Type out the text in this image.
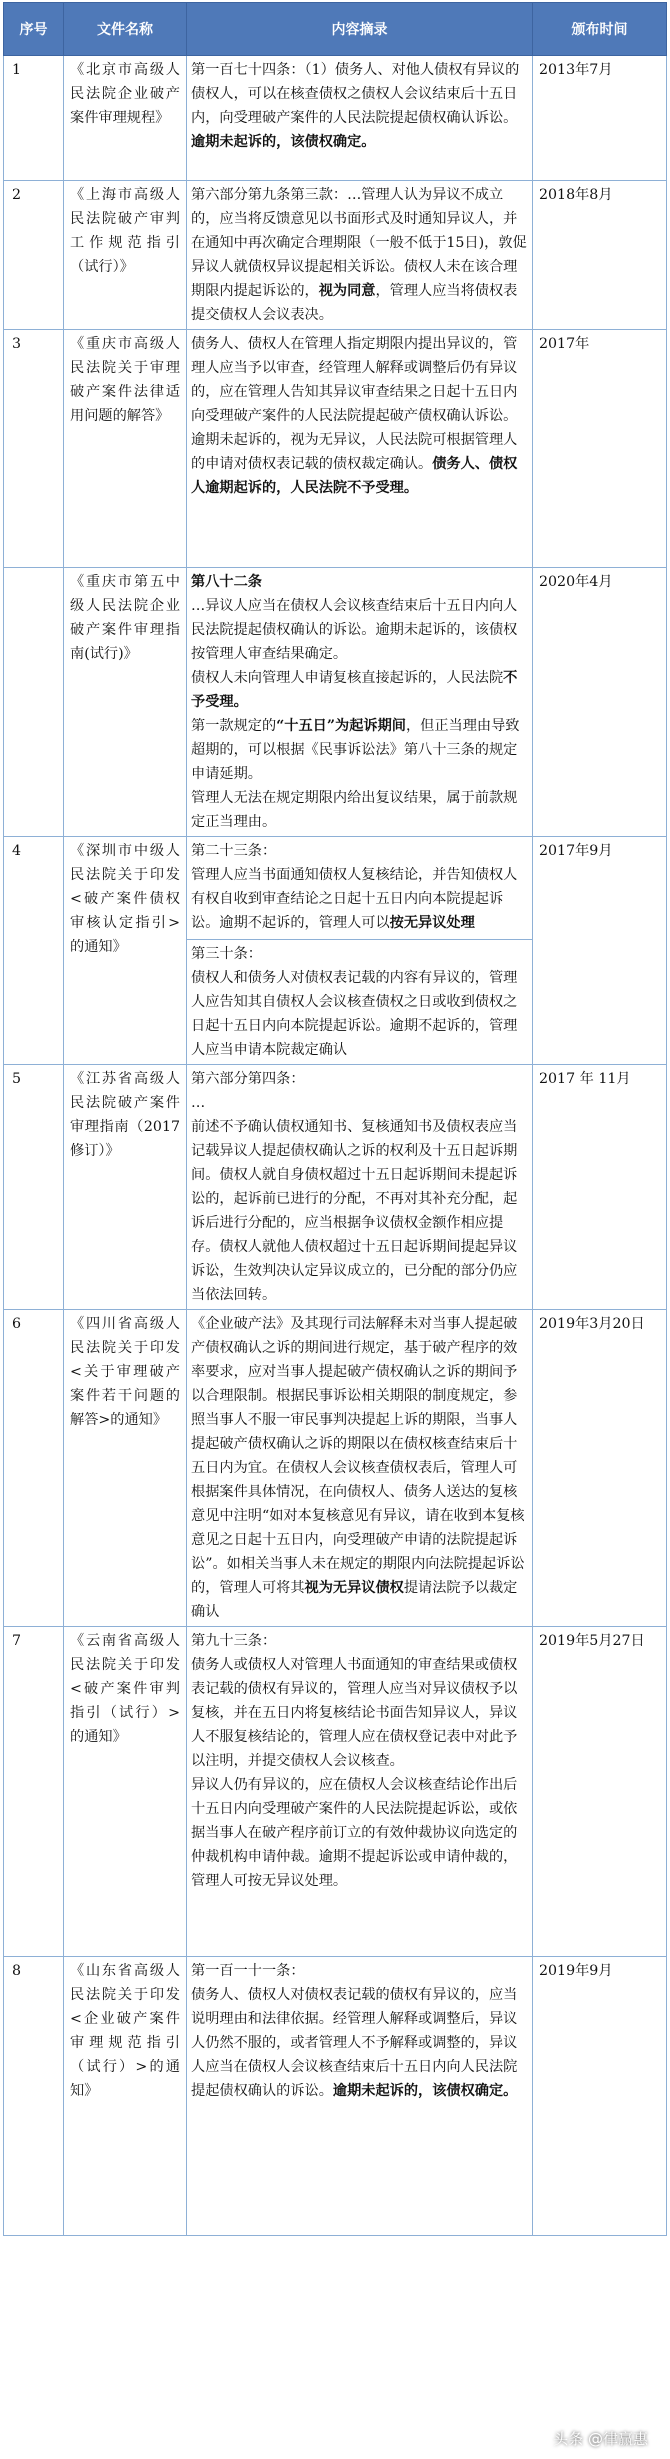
序号	文件名称	内容摘录	颁布时间
1	《北京市高级人民法院企业破产案件审理规程》	第一百七十四条：（1）债务人、对他人债权有异议的债权人，可以在核查债权之债权人会议结束后十五日内，向受理破产案件的人民法院提起债权确认诉讼。逾期未起诉的，该债权确定。	2013年7月
2	《上海市高级人民法院破产审判工作规范指引（试行）》	第六部分第九条第三款：…管理人认为异议不成立的，应当将反馈意见以书面形式及时通知异议人，并在通知中再次确定合理期限（一般不低于15日)，敦促异议人就债权异议提起相关诉讼。债权人未在该合理期限内提起诉讼的，视为同意，管理人应当将债权表提交债权人会议表决。	2018年8月
3	《重庆市高级人民法院关于审理破产案件法律适用问题的解答》	债务人、债权人在管理人指定期限内提出异议的，管理人应当予以审查，经管理人解释或调整后仍有异议的，应在管理人告知其异议审查结果之日起十五日内向受理破产案件的人民法院提起破产债权确认诉讼。逾期未起诉的，视为无异议，人民法院可根据管理人的申请对债权表记载的债权裁定确认。债务人、债权人逾期起诉的，人民法院不予受理。	2017年
	《重庆市第五中级人民法院企业破产案件审理指南(试行)》	第八十二条
…异议人应当在债权人会议核查结束后十五日内向人民法院提起债权确认的诉讼。逾期未起诉的，该债权按管理人审查结果确定。
债权人未向管理人申请复核直接起诉的，人民法院不予受理。
第一款规定的“十五日”为起诉期间，但正当理由导致超期的，可以根据《民事诉讼法》第八十三条的规定申请延期。
管理人无法在规定期限内给出复议结果，属于前款规定正当理由。	2020年4月
4	《深圳市中级人民法院关于印发<破产案件债权审核认定指引>的通知》	第二十三条：
管理人应当书面通知债权人复核结论，并告知债权人有权自收到审查结论之日起十五日内向本院提起诉讼。逾期不起诉的，管理人可以按无异议处理
第三十条：
债权人和债务人对债权表记载的内容有异议的，管理人应告知其自债权人会议核查债权之日或收到债权之日起十五日内向本院提起诉讼。逾期不起诉的，管理人应当申请本院裁定确认	2017年9月
5	《江苏省高级人民法院破产案件审理指南（2017修订）》	第六部分第四条：
…
前述不予确认债权通知书、复核通知书及债权表应当记载异议人提起债权确认之诉的权利及十五日起诉期间。债权人就自身债权超过十五日起诉期间未提起诉讼的，起诉前已进行的分配，不再对其补充分配，起诉后进行分配的，应当根据争议债权金额作相应提存。债权人就他人债权超过十五日起诉期间提起异议诉讼，生效判决认定异议成立的，已分配的部分仍应当依法回转。	2017 年 11月
6	《四川省高级人民法院关于印发<关于审理破产案件若干问题的解答>的通知》	《企业破产法》及其现行司法解释未对当事人提起破产债权确认之诉的期间进行规定，基于破产程序的效率要求，应对当事人提起破产债权确认之诉的期间予以合理限制。根据民事诉讼相关期限的制度规定，参照当事人不服一审民事判决提起上诉的期限，当事人提起破产债权确认之诉的期限以在债权核查结束后十五日内为宜。在债权人会议核查债权表后，管理人可根据案件具体情况，在向债权人、债务人送达的复核意见中注明“如对本复核意见有异议，请在收到本复核意见之日起十五日内，向受理破产申请的法院提起诉讼”。如相关当事人未在规定的期限内向法院提起诉讼的，管理人可将其视为无异议债权提请法院予以裁定确认	2019年3月20日
7	《云南省高级人民法院关于印发<破产案件审判指引（试行）>的通知》	第九十三条：
债务人或债权人对管理人书面通知的审查结果或债权表记载的债权有异议的，管理人应当对异议债权予以复核，并在五日内将复核结论书面告知异议人，异议人不服复核结论的，管理人应在债权登记表中对此予以注明，并提交债权人会议核查。
异议人仍有异议的，应在债权人会议核查结论作出后十五日内向受理破产案件的人民法院提起诉讼，或依据当事人在破产程序前订立的有效仲裁协议向选定的仲裁机构申请仲裁。逾期不提起诉讼或申请仲裁的，管理人可按无异议处理。	2019年5月27日
8	《山东省高级人民法院关于印发<企业破产案件审理规范指引（试行）>的通知》	第一百一十一条：
债务人、债权人对债权表记载的债权有异议的，应当说明理由和法律依据。经管理人解释或调整后，异议人仍然不服的，或者管理人不予解释或调整的，异议人应当在债权人会议核查结束后十五日内向人民法院提起债权确认的诉讼。逾期未起诉的，该债权确定。	2019年9月
头条 @律赢惠
